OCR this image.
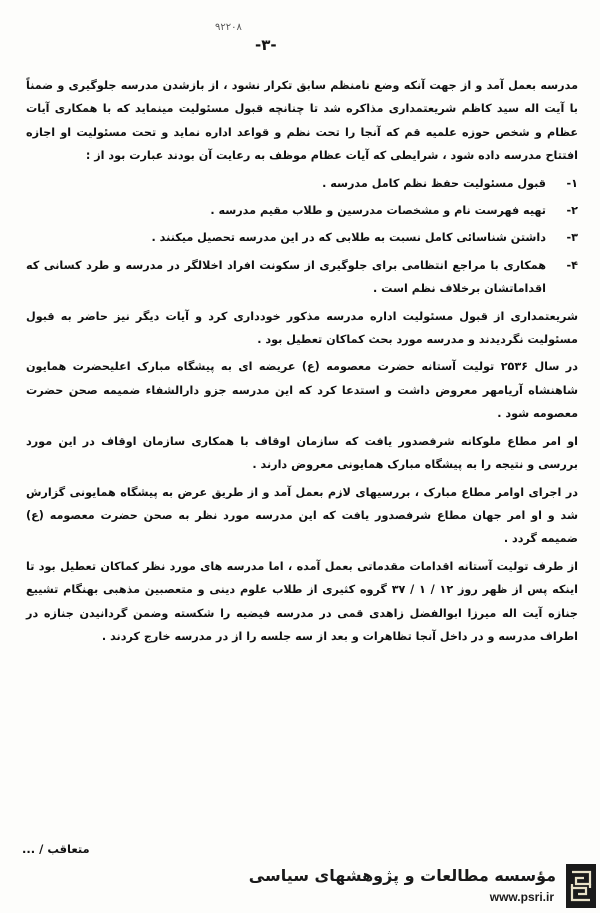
۹۲۲۰۸
-۳-

مدرسه بعمل آمد و از جهت آنکه وضع نامنظم سابق تکرار نشود ، از بازشدن مدرسه جلوگیری و ضمناً با آیت اله سید کاظم شریعتمداری مذاکره شد تا چنانچه قبول مسئولیت مینماید که با همکاری آیات عظام و شخص حوزه علمیه قم که آنجا را تحت نظم و قواعد اداره نماید و تحت مسئولیت او اجازه افتتاح مدرسه داده شود ، شرایطی که آیات عظام موظف به رعایت آن بودند عبارت بود از :

۱-
قبول مسئولیت حفظ نظم کامل مدرسه .
۲-
تهیه فهرست نام و مشخصات مدرسین و طلاب مقیم مدرسه .
۳-
داشتن شناسائی کامل نسبت به طلابی که در این مدرسه تحصیل میکنند .
۴-
همکاری با مراجع انتظامی برای جلوگیری از سکونت افراد اخلالگر در مدرسه و طرد کسانی که اقداماتشان برخلاف نظم است .

شریعتمداری از قبول مسئولیت اداره مدرسه مذکور خودداری کرد و آیات دیگر نیز حاضر به قبول مسئولیت نگردیدند و مدرسه مورد بحث کماکان تعطیل بود .

در سال ۲۵۳۶ تولیت آستانه حضرت معصومه (ع) عریضه ای به پیشگاه مبارک اعلیحضرت همایون شاهنشاه آریامهر معروض داشت و استدعا کرد که این مدرسه جزو دارالشفاء ضمیمه صحن حضرت معصومه شود .

او امر مطاع ملوکانه شرفصدور یافت که سازمان اوقاف با همکاری سازمان اوقاف در این مورد بررسی و نتیجه را به پیشگاه مبارک همایونی معروض دارند .

در اجرای اوامر مطاع مبارک ، بررسیهای لازم بعمل آمد و از طریق عرض به پیشگاه همایونی گزارش شد و او امر جهان مطاع شرفصدور یافت که این مدرسه مورد نظر به صحن حضرت معصومه (ع) ضمیمه گردد .

از طرف تولیت آستانه اقدامات مقدماتی بعمل آمده ، اما مدرسه های مورد نظر کماکان تعطیل بود تا اینکه پس از ظهر روز ۱۲ / ۱ / ۳۷ گروه کثیری از طلاب علوم دینی و متعصبین مذهبی بهنگام تشییع جنازه آیت اله میرزا ابوالفضل زاهدی قمی در مدرسه فیضیه را شکسته وضمن گردانیدن جنازه در اطراف مدرسه و در داخل آنجا تظاهرات و بعد از سه جلسه را از در مدرسه خارج کردند .

متعاقب / ...
مؤسسه مطالعات و پژوهشهای سیاسی
www.psri.ir
